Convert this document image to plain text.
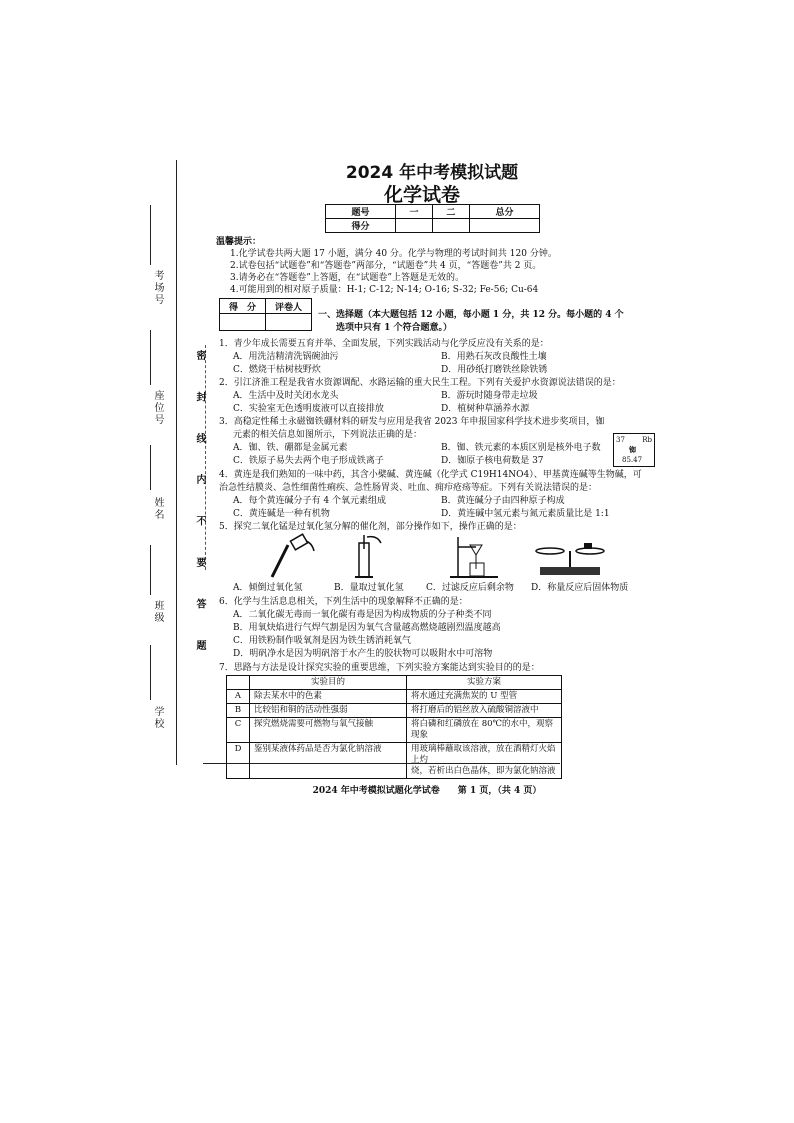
密 封 线 内 不 要 答 题
考场号
座位号
姓名
班级
学校
2024 年中考模拟试题
化学试卷
题号	一	二	总分
得分			
温馨提示：
1.化学试卷共两大题 17 小题，满分 40 分。化学与物理的考试时间共 120 分钟。
2.试卷包括“试题卷”和“答题卷”两部分，“试题卷”共 4 页，“答题卷”共 2 页。
3.请务必在“答题卷”上答题，在“试题卷”上答题是无效的。
4.可能用到的相对原子质量：H-1; C-12; N-14; O-16; S-32; Fe-56; Cu-64
得　分	评卷人

一、选择题（本大题包括 12 小题，每小题 1 分，共 12 分。每小题的 4 个
选项中只有 1 个符合题意。）
1．青少年成长需要五育并举、全面发展，下列实践活动与化学反应没有关系的是：
A．用洗洁精清洗锅碗油污	B．用熟石灰改良酸性土壤
C．燃烧干枯树枝野炊	D．用砂纸打磨铁丝除铁锈
2．引江济淮工程是我省水资源调配、水路运输的重大民生工程。下列有关爱护水资源说法错误的是：
A．生活中及时关闭水龙头	B．游玩时随身带走垃圾
C．实验室无色透明废液可以直接排放	D．植树种草涵养水源
3．高稳定性稀土永磁铷铁硼材料的研发与应用是我省 2023 年申报国家科学技术进步奖项目，铷
元素的相关信息如图所示，下列说法正确的是：
A．铷、铁、硼都是金属元素	B．铷、铁元素的本质区别是核外电子数
C．铁原子易失去两个电子形成铁离子	D．铷原子核电荷数是 37
37 Rb
铷
85.47
4．黄连是我们熟知的一味中药，其含小檗碱、黄连碱（化学式 C19H14NO4）、甲基黄连碱等生物碱，可
治急性结膜炎、急性细菌性痢疾、急性肠胃炎、吐血、痈疖疮疡等症。下列有关说法错误的是：
A．每个黄连碱分子有 4 个氧元素组成	B．黄连碱分子由四种原子构成
C．黄连碱是一种有机物	D．黄连碱中氢元素与氮元素质量比是 1:1
5．探究二氧化锰是过氧化氢分解的催化剂，部分操作如下，操作正确的是：
A．倾倒过氧化氢	B．量取过氧化氢 C．过滤反应后剩余物 D．称量反应后固体物质
6．化学与生活息息相关，下列生活中的现象解释不正确的是：
A．二氧化碳无毒而一氧化碳有毒是因为构成物质的分子种类不同
B．用氧炔焰进行气焊气割是因为氧气含量越高燃烧越剧烈温度越高
C．用铁粉制作吸氧剂是因为铁生锈消耗氧气
D．明矾净水是因为明矾溶于水产生的胶状物可以吸附水中可溶物
7．思路与方法是设计探究实验的重要思维，下列实验方案能达到实验目的的是：
	实验目的	实验方案
A	除去某水中的色素	将水通过充满焦炭的 U 型管
B	比较铝和铜的活动性强弱	将打磨后的铝丝放入硫酸铜溶液中
C	探究燃烧需要可燃物与氧气接触	将白磷和红磷放在 80℃的水中，观察现象
D	鉴别某液体药品是否为氯化钠溶液	用玻璃棒蘸取该溶液，放在酒精灯火焰上灼
烧，若析出白色晶体，即为氯化钠溶液
2024 年中考模拟试题化学试卷　　第 1 页，（共 4 页）
